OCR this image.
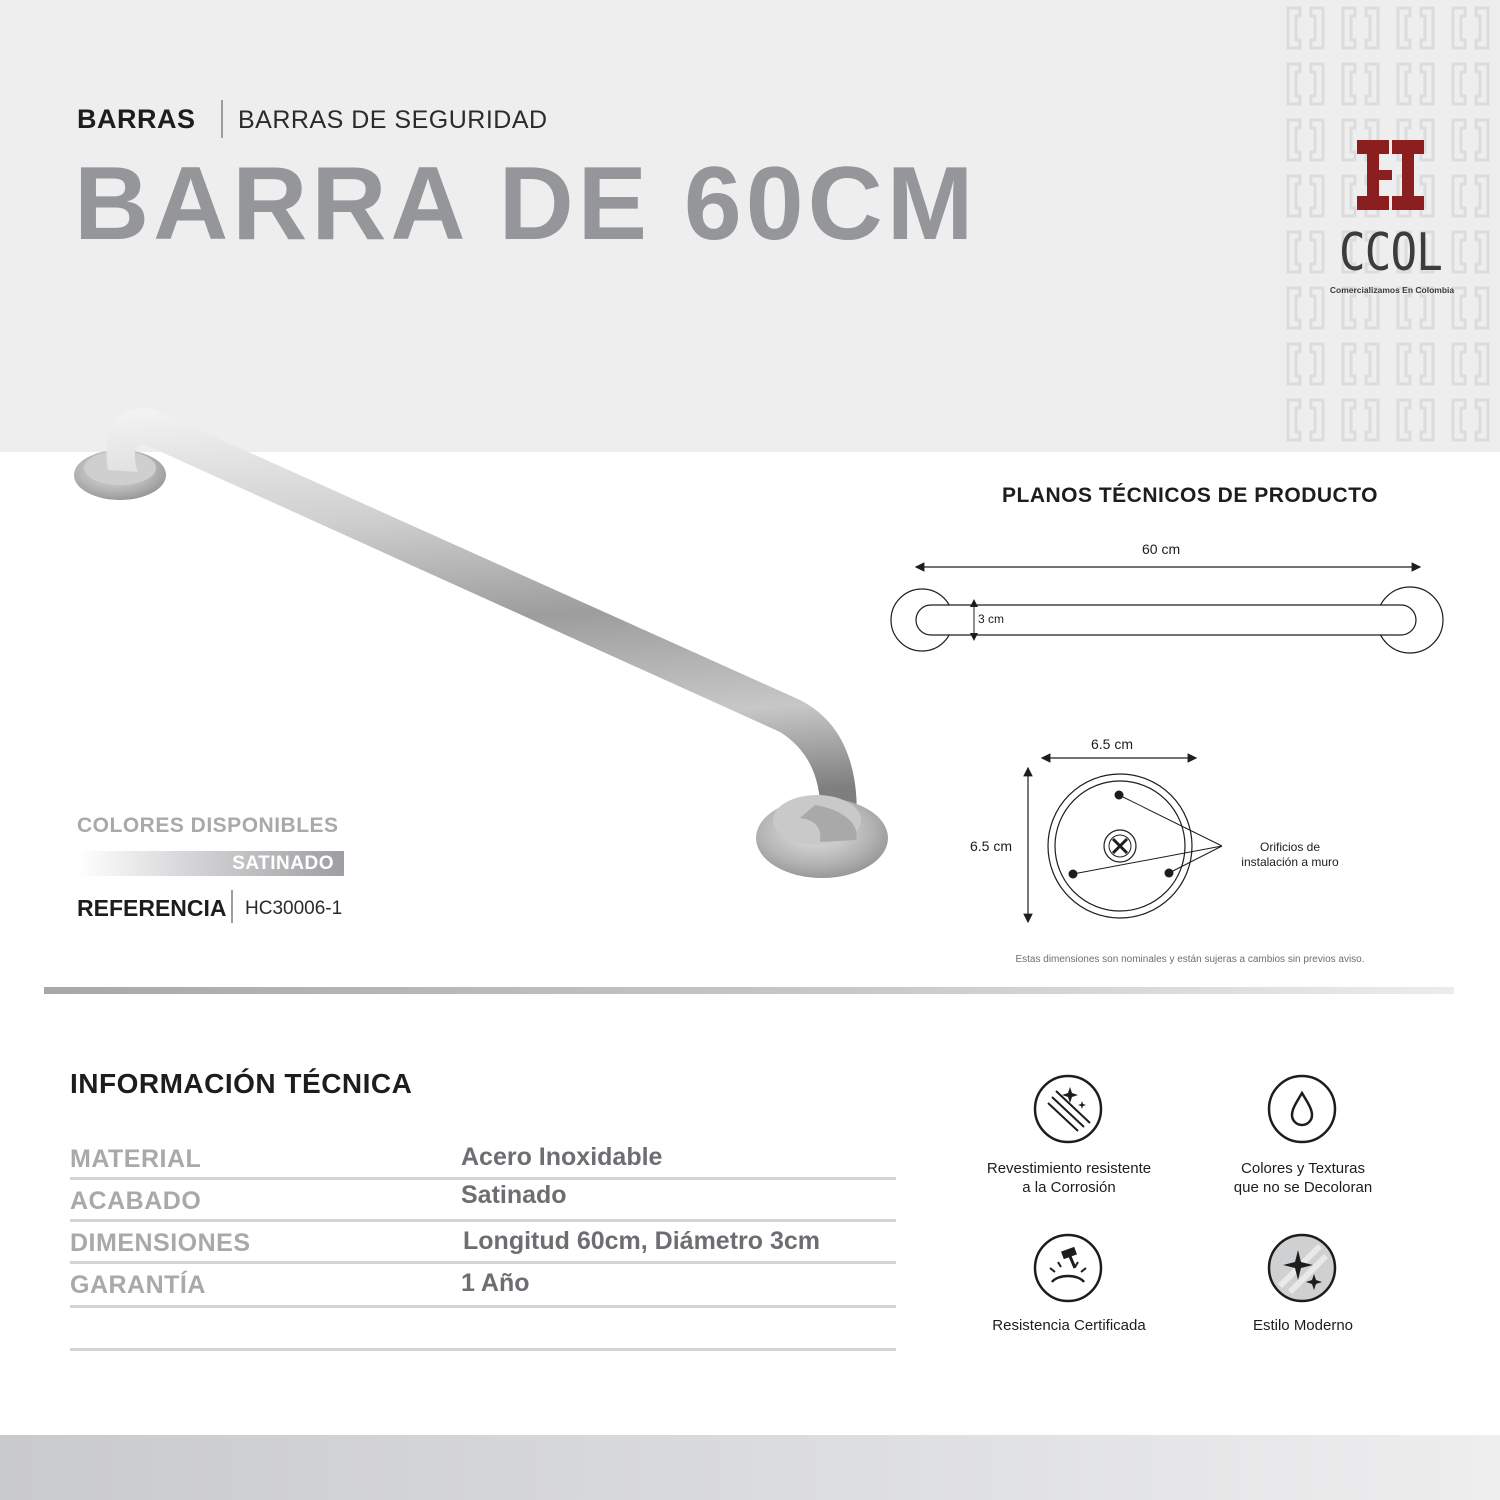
BARRAS BARRAS DE SEGURIDAD
BARRA DE 60CM	CCOL
Comercializamos En Colombia
COLORES DISPONIBLES
SATINADO
REFERENCIA HC30006-1
PLANOS TÉCNICOS DE PRODUCTO
60 cm
3 cm
6.5 cm
6.5 cm	Orificios de
instalación a muro
Estas dimensiones son nominales y están sujeras a cambios sin previos aviso.
INFORMACIÓN TÉCNICA
MATERIAL	Acero Inoxidable
ACABADO	Satinado
DIMENSIONES	Longitud 60cm, Diámetro 3cm
GARANTÍA	1 Año
Revestimiento resistente
a la Corrosión
Colores y Texturas
que no se Decoloran
Resistencia Certificada	Estilo Moderno
